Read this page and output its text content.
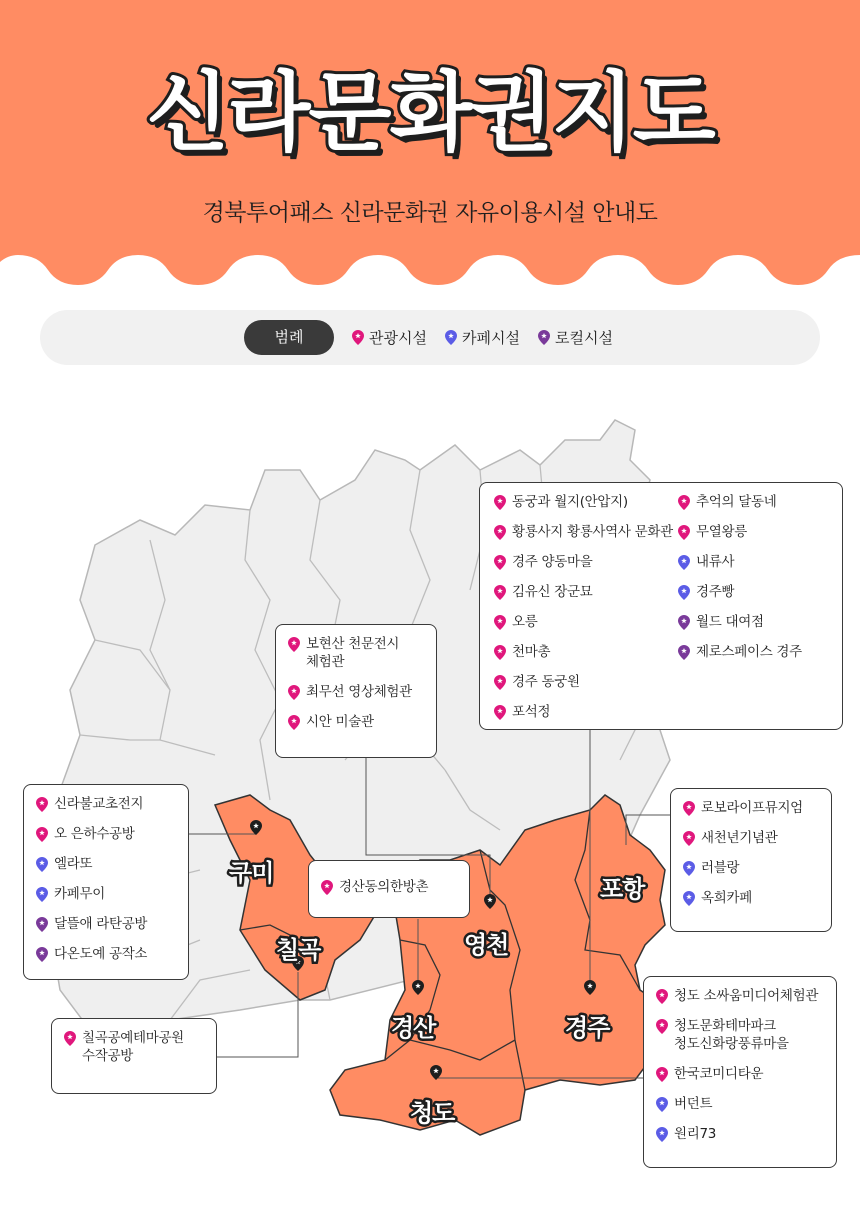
신라문화권지도
경북투어패스 신라문화권 자유이용시설 안내도
범례	관광시설 카페시설 로컬시설
구미
칠곡	영천
경산	경주
포항
청도
동궁과 월지(안압지)
황룡사지 황룡사역사 문화관
경주 양동마을
김유신 장군묘
오릉
천마총
경주 동궁원
포석정
추억의 달동네
무열왕릉
내류사
경주빵
월드 대여점
제로스페이스 경주
보현산 천문전시
체험관
최무선 영상체험관
시안 미술관
신라불교초전지
오 은하수공방
엘라또
카페무이
달뜰애 라탄공방
다온도예 공작소
경산동의한방촌
로보라이프뮤지엄
새천년기념관
러블랑
옥희카페
칠곡공예테마공원
수작공방
청도 소싸움미디어체험관
청도문화테마파크
청도신화랑풍류마을
한국코미디타운
버던트
원리73
